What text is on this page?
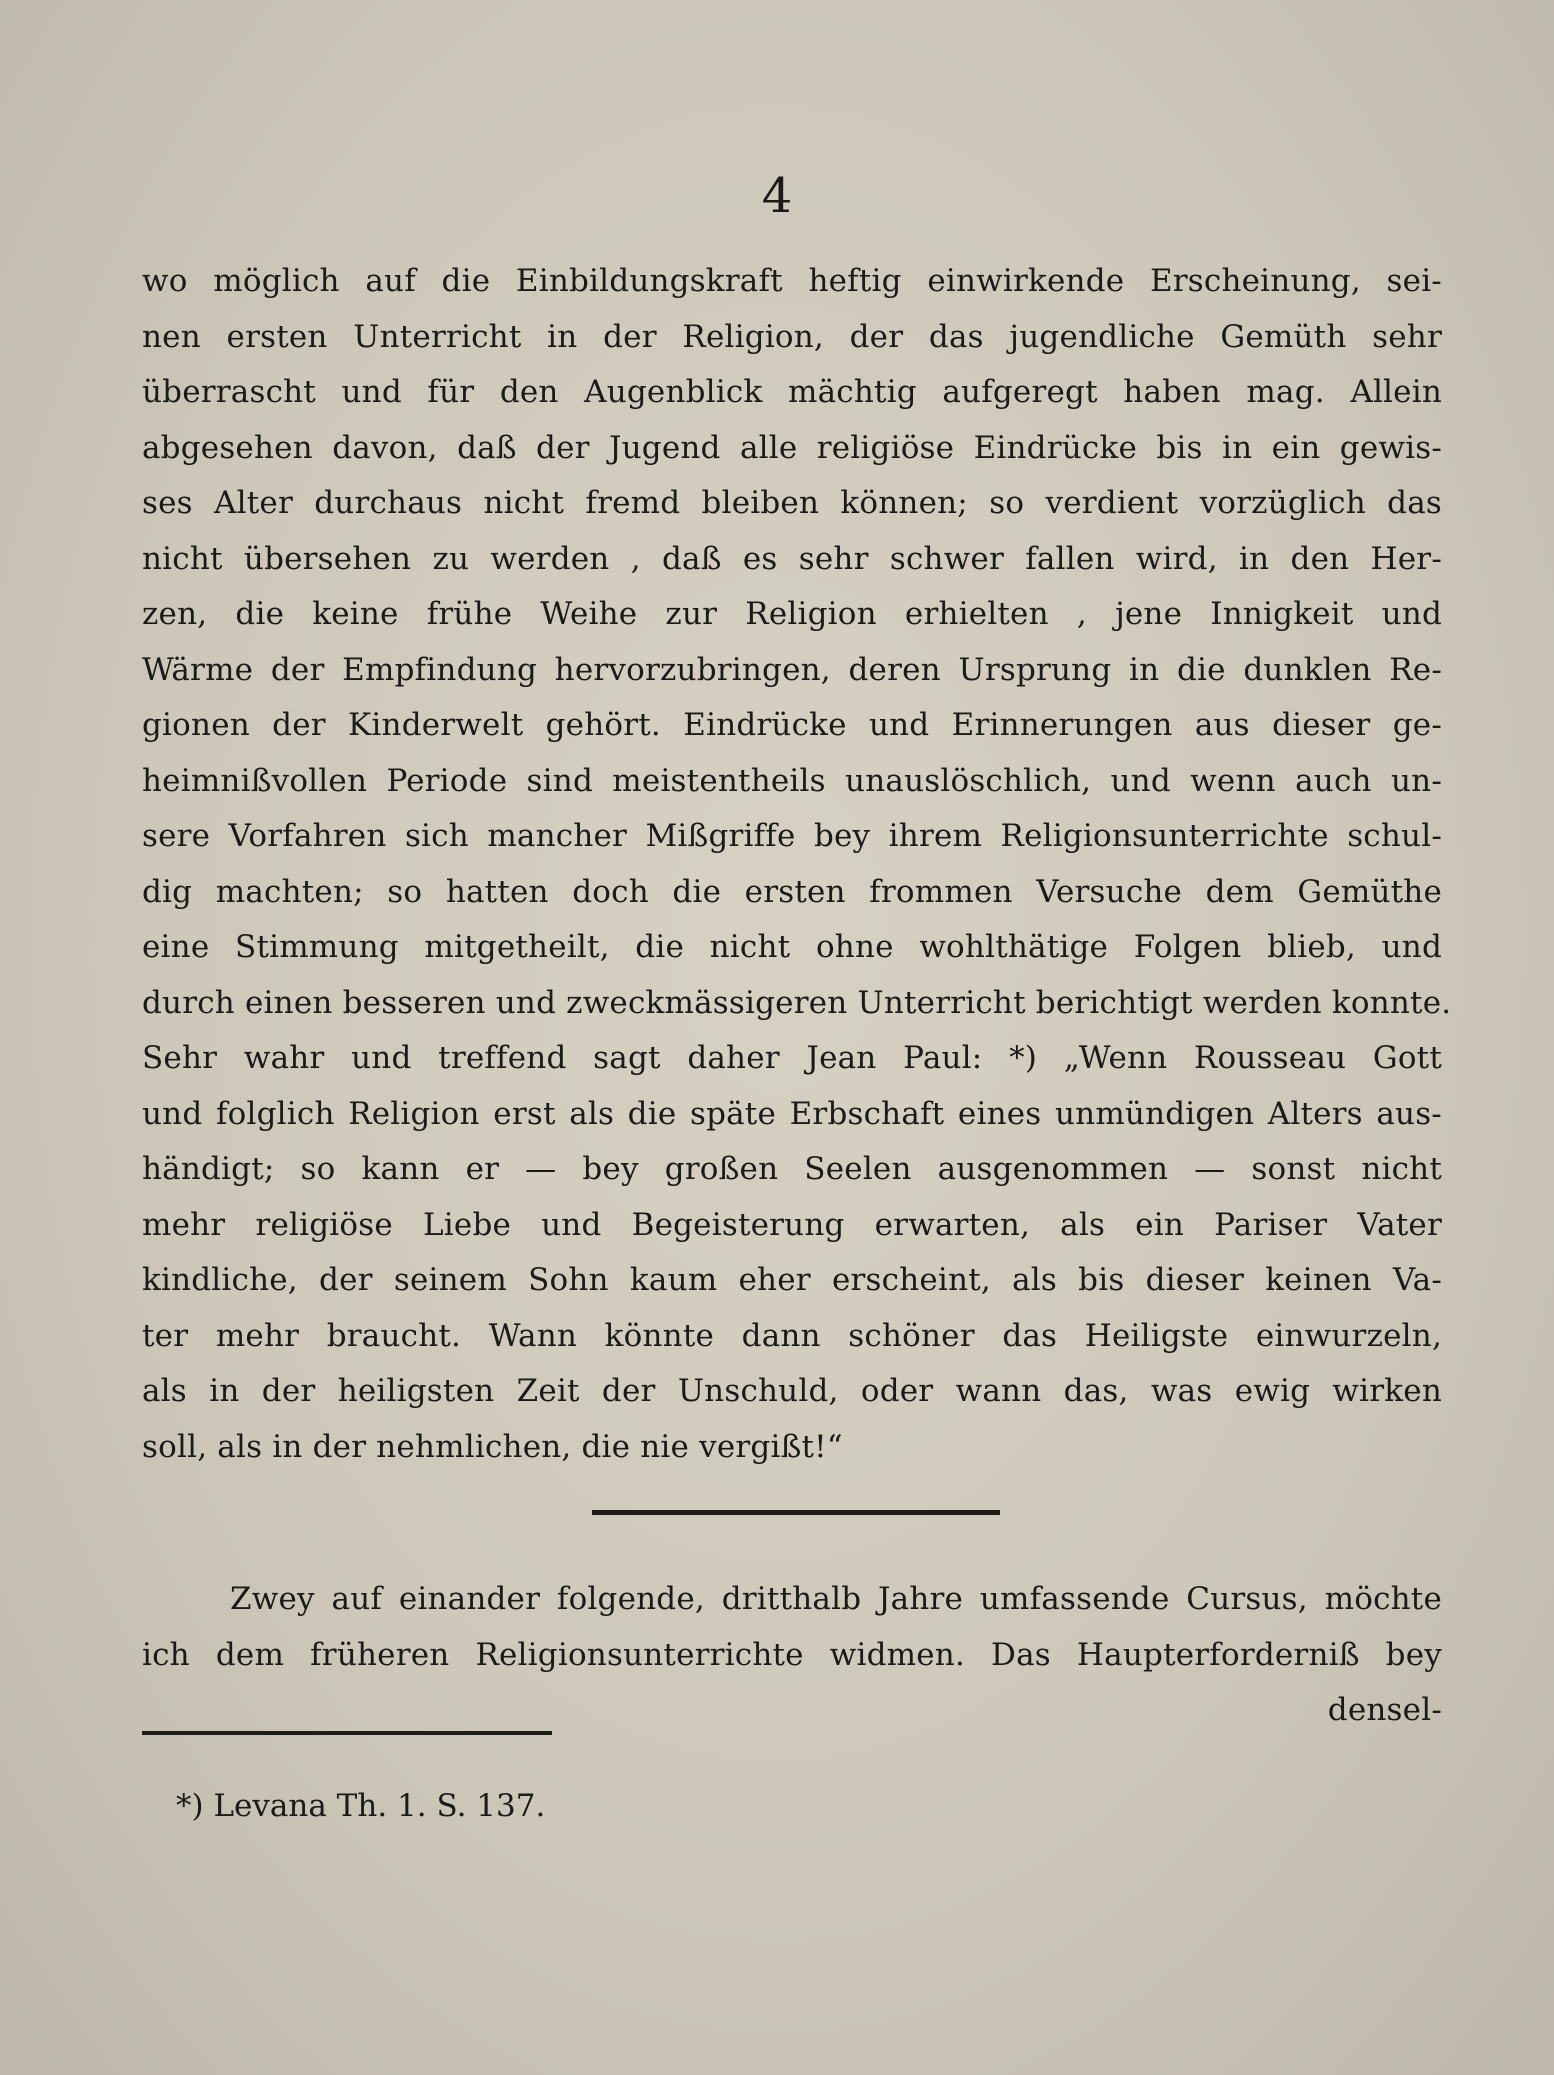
4
wo möglich auf die Einbildungskraft heftig einwirkende Erscheinung, sei-
nen ersten Unterricht in der Religion, der das jugendliche Gemüth sehr
überrascht und für den Augenblick mächtig aufgeregt haben mag. Allein
abgesehen davon, daß der Jugend alle religiöse Eindrücke bis in ein gewis-
ses Alter durchaus nicht fremd bleiben können; so verdient vorzüglich das
nicht übersehen zu werden , daß es sehr schwer fallen wird, in den Her-
zen, die keine frühe Weihe zur Religion erhielten , jene Innigkeit und
Wärme der Empfindung hervorzubringen, deren Ursprung in die dunklen Re-
gionen der Kinderwelt gehört. Eindrücke und Erinnerungen aus dieser ge-
heimnißvollen Periode sind meistentheils unauslöschlich, und wenn auch un-
sere Vorfahren sich mancher Mißgriffe bey ihrem Religionsunterrichte schul-
dig machten; so hatten doch die ersten frommen Versuche dem Gemüthe
eine Stimmung mitgetheilt, die nicht ohne wohlthätige Folgen blieb, und
durch einen besseren und zweckmässigeren Unterricht berichtigt werden konnte.
Sehr wahr und treffend sagt daher Jean Paul: *) „Wenn Rousseau Gott
und folglich Religion erst als die späte Erbschaft eines unmündigen Alters aus-
händigt; so kann er — bey großen Seelen ausgenommen — sonst nicht
mehr religiöse Liebe und Begeisterung erwarten, als ein Pariser Vater
kindliche, der seinem Sohn kaum eher erscheint, als bis dieser keinen Va-
ter mehr braucht. Wann könnte dann schöner das Heiligste einwurzeln,
als in der heiligsten Zeit der Unschuld, oder wann das, was ewig wirken
soll, als in der nehmlichen, die nie vergißt!“
Zwey auf einander folgende, dritthalb Jahre umfassende Cursus, möchte
ich dem früheren Religionsunterrichte widmen. Das Haupterforderniß bey
densel-
*) Levana Th. 1. S. 137.
